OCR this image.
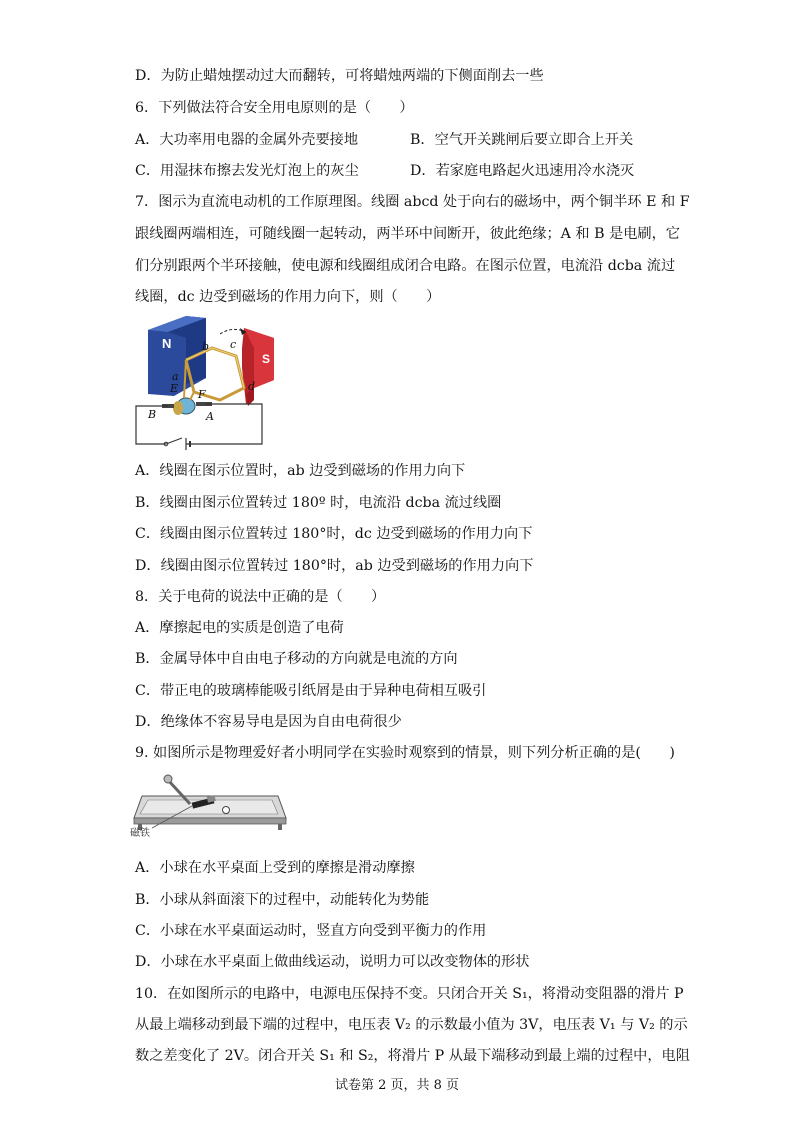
D．为防止蜡烛摆动过大而翻转，可将蜡烛两端的下侧面削去一些
6．下列做法符合安全用电原则的是（　　）
A．大功率用电器的金属外壳要接地	B．空气开关跳闸后要立即合上开关
C．用湿抹布擦去发光灯泡上的灰尘	D．若家庭电路起火迅速用冷水浇灭
7．图示为直流电动机的工作原理图。线圈 abcd 处于向右的磁场中，两个铜半环 E 和 F
跟线圈两端相连，可随线圈一起转动，两半环中间断开，彼此绝缘；A 和 B 是电刷，它
们分别跟两个半环接触，使电源和线圈组成闭合电路。在图示位置，电流沿 dcba 流过
线圈，dc 边受到磁场的作用力向下，则（　　）
N
S
b c
a
d
E F
B	A
A．线圈在图示位置时，ab 边受到磁场的作用力向下
B．线圈由图示位置转过 180º 时，电流沿 dcba 流过线圈
C．线圈由图示位置转过 180°时，dc 边受到磁场的作用力向下
D．线圈由图示位置转过 180°时，ab 边受到磁场的作用力向下
8．关于电荷的说法中正确的是（　　）
A．摩擦起电的实质是创造了电荷
B．金属导体中自由电子移动的方向就是电流的方向
C．带正电的玻璃棒能吸引纸屑是由于异种电荷相互吸引
D．绝缘体不容易导电是因为自由电荷很少
9. 如图所示是物理爱好者小明同学在实验时观察到的情景，则下列分析正确的是(　　)
磁铁
A．小球在水平桌面上受到的摩擦是滑动摩擦
B．小球从斜面滚下的过程中，动能转化为势能
C．小球在水平桌面运动时，竖直方向受到平衡力的作用
D．小球在水平桌面上做曲线运动，说明力可以改变物体的形状
10．在如图所示的电路中，电源电压保持不变。只闭合开关 S₁，将滑动变阻器的滑片 P
从最上端移动到最下端的过程中，电压表 V₂ 的示数最小值为 3V，电压表 V₁ 与 V₂ 的示
数之差变化了 2V。闭合开关 S₁ 和 S₂，将滑片 P 从最下端移动到最上端的过程中，电阻
试卷第 2 页，共 8 页
